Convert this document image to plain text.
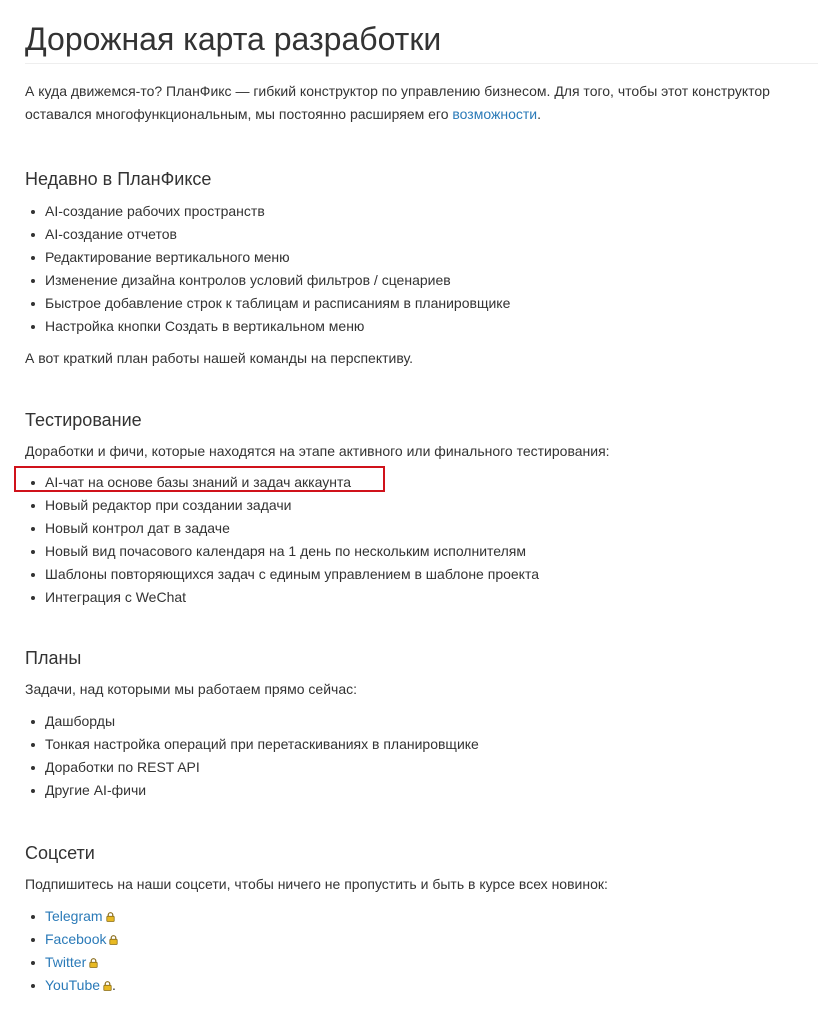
Дорожная карта разработки

А куда движемся-то? ПланФикс — гибкий конструктор по управлению бизнесом. Для того, чтобы этот конструктор оставался многофункциональным, мы постоянно расширяем его возможности.

Недавно в ПланФиксе
AI-создание рабочих пространств
AI-создание отчетов
Редактирование вертикального меню
Изменение дизайна контролов условий фильтров / сценариев
Быстрое добавление строк к таблицам и расписаниям в планировщике
Настройка кнопки Создать в вертикальном меню

А вот краткий план работы нашей команды на перспективу.

Тестирование

Доработки и фичи, которые находятся на этапе активного или финального тестирования:

AI-чат на основе базы знаний и задач аккаунта
Новый редактор при создании задачи
Новый контрол дат в задаче
Новый вид почасового календаря на 1 день по нескольким исполнителям
Шаблоны повторяющихся задач с единым управлением в шаблоне проекта
Интеграция с WeChat
Планы

Задачи, над которыми мы работаем прямо сейчас:

Дашборды
Тонкая настройка операций при перетаскиваниях в планировщике
Доработки по REST API
Другие AI-фичи
Соцсети

Подпишитесь на наши соцсети, чтобы ничего не пропустить и быть в курсе всех новинок:

Telegram
Facebook
Twitter
YouTube .
